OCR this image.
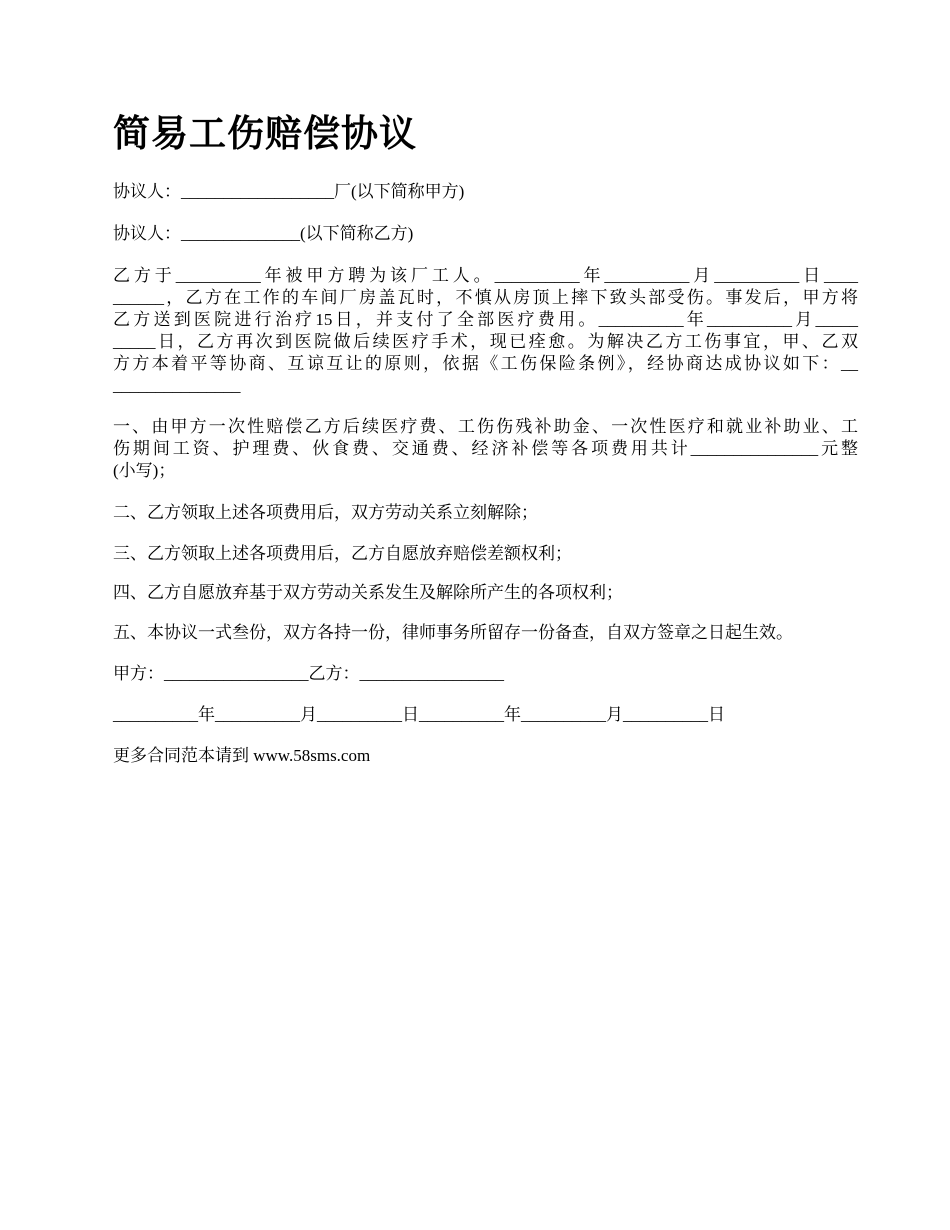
简易工伤赔偿协议

协议人：__________________厂(以下简称甲方)

协议人：______________(以下简称乙方)

乙方于__________年被甲方聘为该厂工人。__________年__________月__________日____
______，乙方在工作的车间厂房盖瓦时，不慎从房顶上摔下致头部受伤。事发后，甲方将
乙方送到医院进行治疗15日，并支付了全部医疗费用。__________年__________月_____
_____日，乙方再次到医院做后续医疗手术，现已痊愈。为解决乙方工伤事宜，甲、乙双
方方本着平等协商、互谅互让的原则，依据《工伤保险条例》，经协商达成协议如下：__
_______________
一、由甲方一次性赔偿乙方后续医疗费、工伤伤残补助金、一次性医疗和就业补助业、工
伤期间工资、护理费、伙食费、交通费、经济补偿等各项费用共计_______________元整
(小写)；

二、乙方领取上述各项费用后，双方劳动关系立刻解除；

三、乙方领取上述各项费用后，乙方自愿放弃赔偿差额权利；

四、乙方自愿放弃基于双方劳动关系发生及解除所产生的各项权利；

五、本协议一式叁份，双方各持一份，律师事务所留存一份备查，自双方签章之日起生效。

甲方：_________________乙方：_________________

__________年__________月__________日__________年__________月__________日

更多合同范本请到 www.58sms.com
